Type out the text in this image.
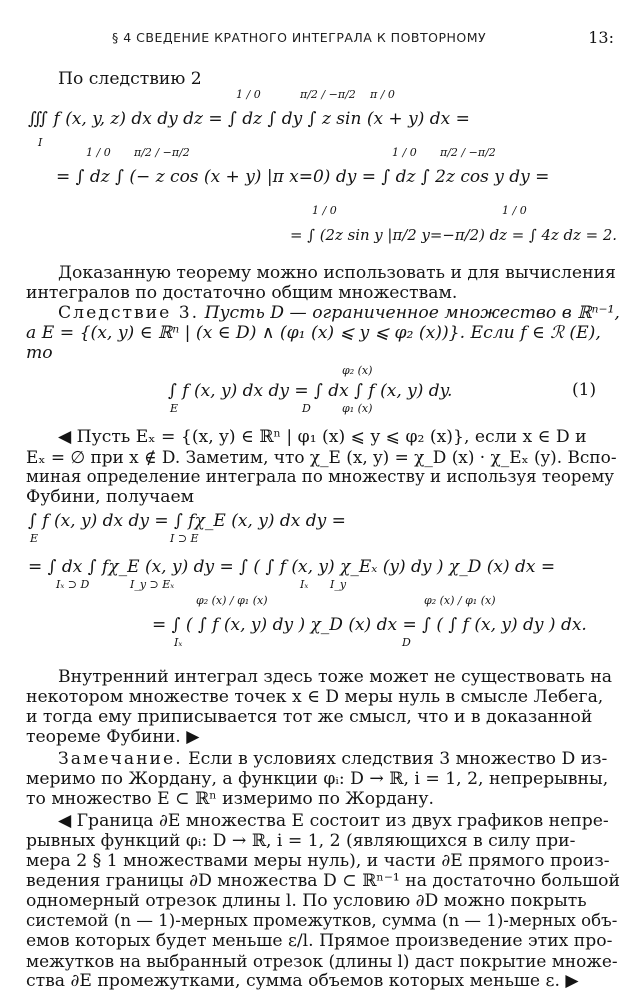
§ 4 СВЕДЕНИЕ КРАТНОГО ИНТЕГРАЛА К ПОВТОРНОМУ	13:
По следствию 2
∭ f (x, y, z) dx dy dz = ∫ dz ∫ dy ∫ z sin (x + y) dx =
I
1 / 0	π/2 / −π/2 π / 0
= ∫ dz ∫ (− z cos (x + y) |π x=0) dy = ∫ dz ∫ 2z cos y dy =
1 / 0 π/2 / −π/2	1 / 0 π/2 / −π/2
= ∫ (2z sin y |π/2 y=−π/2) dz = ∫ 4z dz = 2.
1 / 0	1 / 0
Доказанную теорему можно использовать и для вычисления
интегралов по достаточно общим множествам.
Следствие 3. Пусть D — ограниченное множество в ℝⁿ⁻¹,
а E = {(x, y) ∈ ℝⁿ | (x ∈ D) ∧ (φ₁ (x) ⩽ y ⩽ φ₂ (x))}. Если f ∈ ℛ (E),
то
∫ f (x, y) dx dy = ∫ dx ∫ f (x, y) dy.
E	D
φ₂ (x)
φ₁ (x)
(1)
◀ Пусть Eₓ = {(x, y) ∈ ℝⁿ | φ₁ (x) ⩽ y ⩽ φ₂ (x)}, если x ∈ D и
Eₓ = ∅ при x ∉ D. Заметим, что χ_E (x, y) = χ_D (x) · χ_Eₓ (y). Вспо-
миная определение интеграла по множеству и используя теорему
Фубини, получаем
∫ f (x, y) dx dy = ∫ fχ_E (x, y) dx dy =
E	I ⊃ E
= ∫ dx ∫ fχ_E (x, y) dy = ∫ ( ∫ f (x, y) χ_Eₓ (y) dy ) χ_D (x) dx =
Iₓ ⊃ D	I_y ⊃ Eₓ	Iₓ I_y
= ∫ ( ∫ f (x, y) dy ) χ_D (x) dx = ∫ ( ∫ f (x, y) dy ) dx.
Iₓ
φ₂ (x) / φ₁ (x)
D
φ₂ (x) / φ₁ (x)
Внутренний интеграл здесь тоже может не существовать на
некотором множестве точек x ∈ D меры нуль в смысле Лебега,
и тогда ему приписывается тот же смысл, что и в доказанной
теореме Фубини. ▶
Замечание. Если в условиях следствия 3 множество D из-
меримо по Жордану, а функции φᵢ: D → ℝ, i = 1, 2, непрерывны,
то множество E ⊂ ℝⁿ измеримо по Жордану.
◀ Граница ∂E множества E состоит из двух графиков непре-
рывных функций φᵢ: D → ℝ, i = 1, 2 (являющихся в силу при-
мера 2 § 1 множествами меры нуль), и части ∂E прямого произ-
ведения границы ∂D множества D ⊂ ℝⁿ⁻¹ на достаточно большой
одномерный отрезок длины l. По условию ∂D можно покрыть
системой (n — 1)-мерных промежутков, сумма (n — 1)-мерных объ-
емов которых будет меньше ε/l. Прямое произведение этих про-
межутков на выбранный отрезок (длины l) даст покрытие множе-
ства ∂E промежутками, сумма объемов которых меньше ε. ▶
